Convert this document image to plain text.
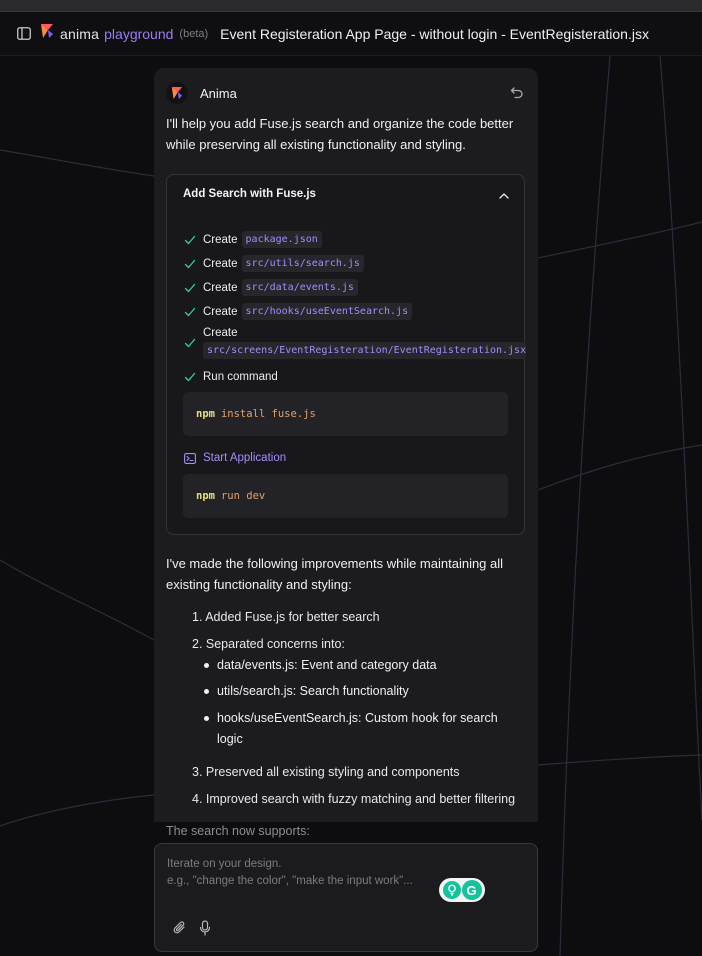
anima playground (beta) Event Registeration App Page - without login - EventRegisteration.jsx
Anima

I'll help you add Fuse.js search and organize the code better while preserving all existing functionality and styling.

Add Search with Fuse.js
Create package.json
Create src/utils/search.js
Create src/data/events.js
Create src/hooks/useEventSearch.js
Create
src/screens/EventRegisteration/EventRegisteration.jsx
Run command
npm install fuse.js
Start Application
npm run dev

I've made the following improvements while maintaining all existing functionality and styling:

1. Added Fuse.js for better search
2. Separated concerns into:
data/events.js: Event and category data
utils/search.js: Search functionality
hooks/useEventSearch.js: Custom hook for search logic
3. Preserved all existing styling and components
4. Improved search with fuzzy matching and better filtering
The search now supports:
Iterate on your design.
e.g., "change the color", "make the input work"...
G
